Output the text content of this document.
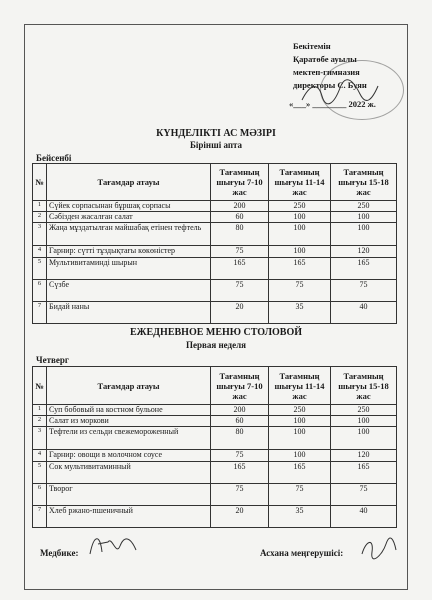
Бекітемін
Қаратөбе ауылы
мектеп-гимназия
директоры С. Буян
«___» ________ 2022 ж.
КҮНДЕЛІКТІ АС МӘЗІРІ
Бірінші апта
Бейсенбі
№	Тағамдар атауы	Тағамның шығуы 7-10 жас	Тағамның шығуы 11-14 жас	Тағамның шығуы 15-18 жас
1	Сүйек сорпасынан бұршақ сорпасы	200	250	250
2	Сәбізден жасалған салат	60	100	100
3	Жаңа мұздатылған майшабақ етінен тефтель	80	100	100
4	Гарнир: сүтті тұздықтағы көкөністер	75	100	120
5	Мультивитаминді шырын	165	165	165
6	Сүзбе	75	75	75
7	Бидай наны	20	35	40
ЕЖЕДНЕВНОЕ МЕНЮ СТОЛОВОЙ
Первая неделя
Четверг
№	Тағамдар атауы	Тағамның шығуы 7-10 жас	Тағамның шығуы 11-14 жас	Тағамның шығуы 15-18 жас
1	Суп бобовый на костном бульоне	200	250	250
2	Салат из моркови	60	100	100
3	Тефтели из сельди свежемороженный	80	100	100
4	Гарнир: овощи в молочном соусе	75	100	120
5	Сок мультивитаминный	165	165	165
6	Творог	75	75	75
7	Хлеб ржано-пшеничный	20	35	40
Медбике:	Асхана меңгерушісі:
